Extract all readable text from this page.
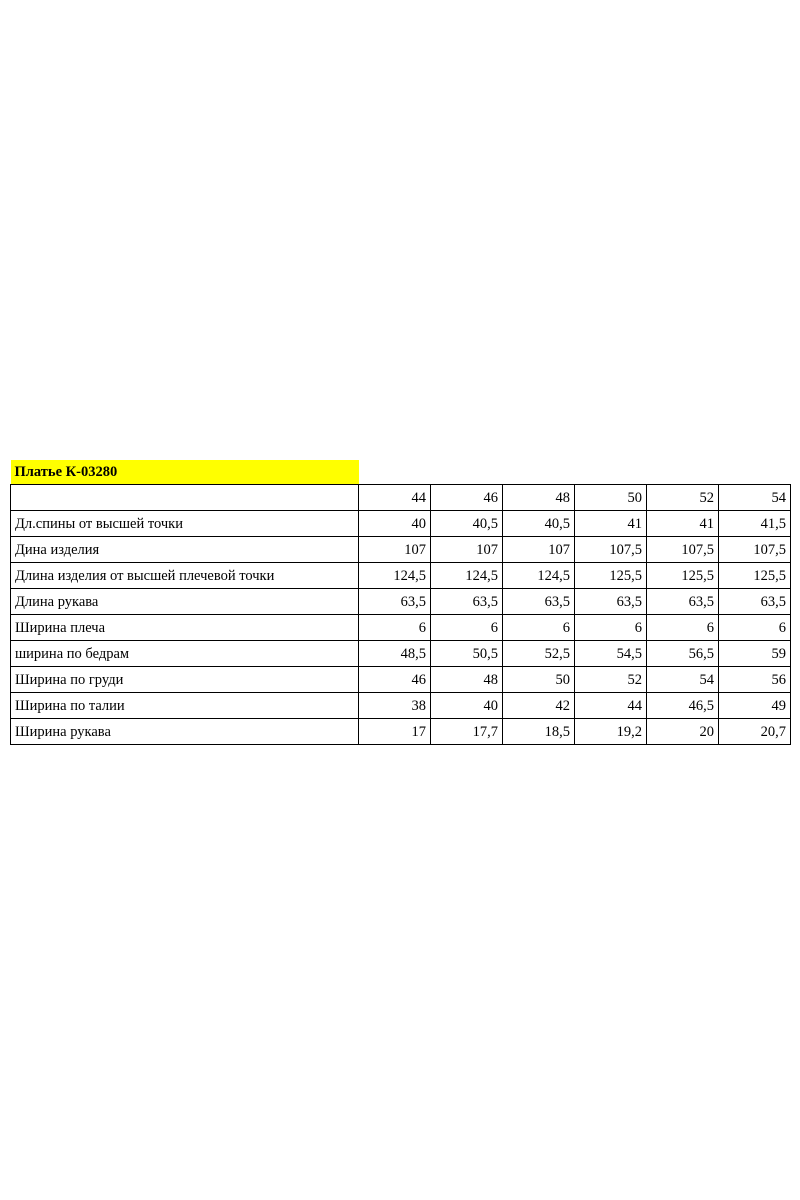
Платье К-03280						
	44	46	48	50	52	54
Дл.спины от высшей точки	40	40,5	40,5	41	41	41,5
Дина изделия	107	107	107	107,5	107,5	107,5
Длина изделия от высшей плечевой точки	124,5	124,5	124,5	125,5	125,5	125,5
Длина рукава	63,5	63,5	63,5	63,5	63,5	63,5
Ширина плеча	6	6	6	6	6	6
ширина по бедрам	48,5	50,5	52,5	54,5	56,5	59
Ширина по груди	46	48	50	52	54	56
Ширина по талии	38	40	42	44	46,5	49
Ширина рукава	17	17,7	18,5	19,2	20	20,7
